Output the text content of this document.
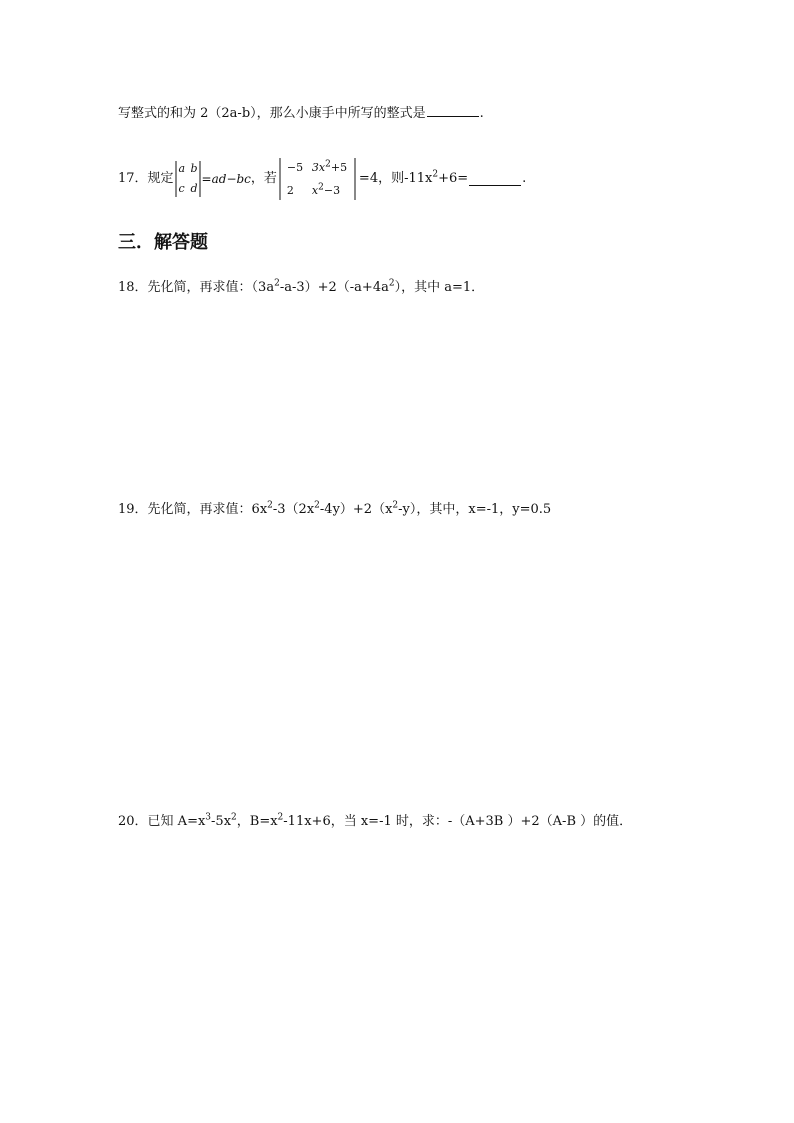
写整式的和为 2（2a-b），那么小康手中所写的整式是	.
17．规定
a b
c d
=ad−bc ，若
−5 $3x^2+5$
2 $x^2-3$
=4，则$-11x^2+6=$	.
三．解答题
18．先化简，再求值：$(3a^2-a-3)+2(-a+4a^2)$，其中 a=1．
19．先化简，再求值：$6x^2-3(2x^2-4y)+2(x^2-y)$，其中，x=-1，y=0.5
20．已知 $A=x^3-5x^2$，$B=x^2-11x+6$，当 x=-1 时，求：-（A+3B ）+2（A-B ）的值．
